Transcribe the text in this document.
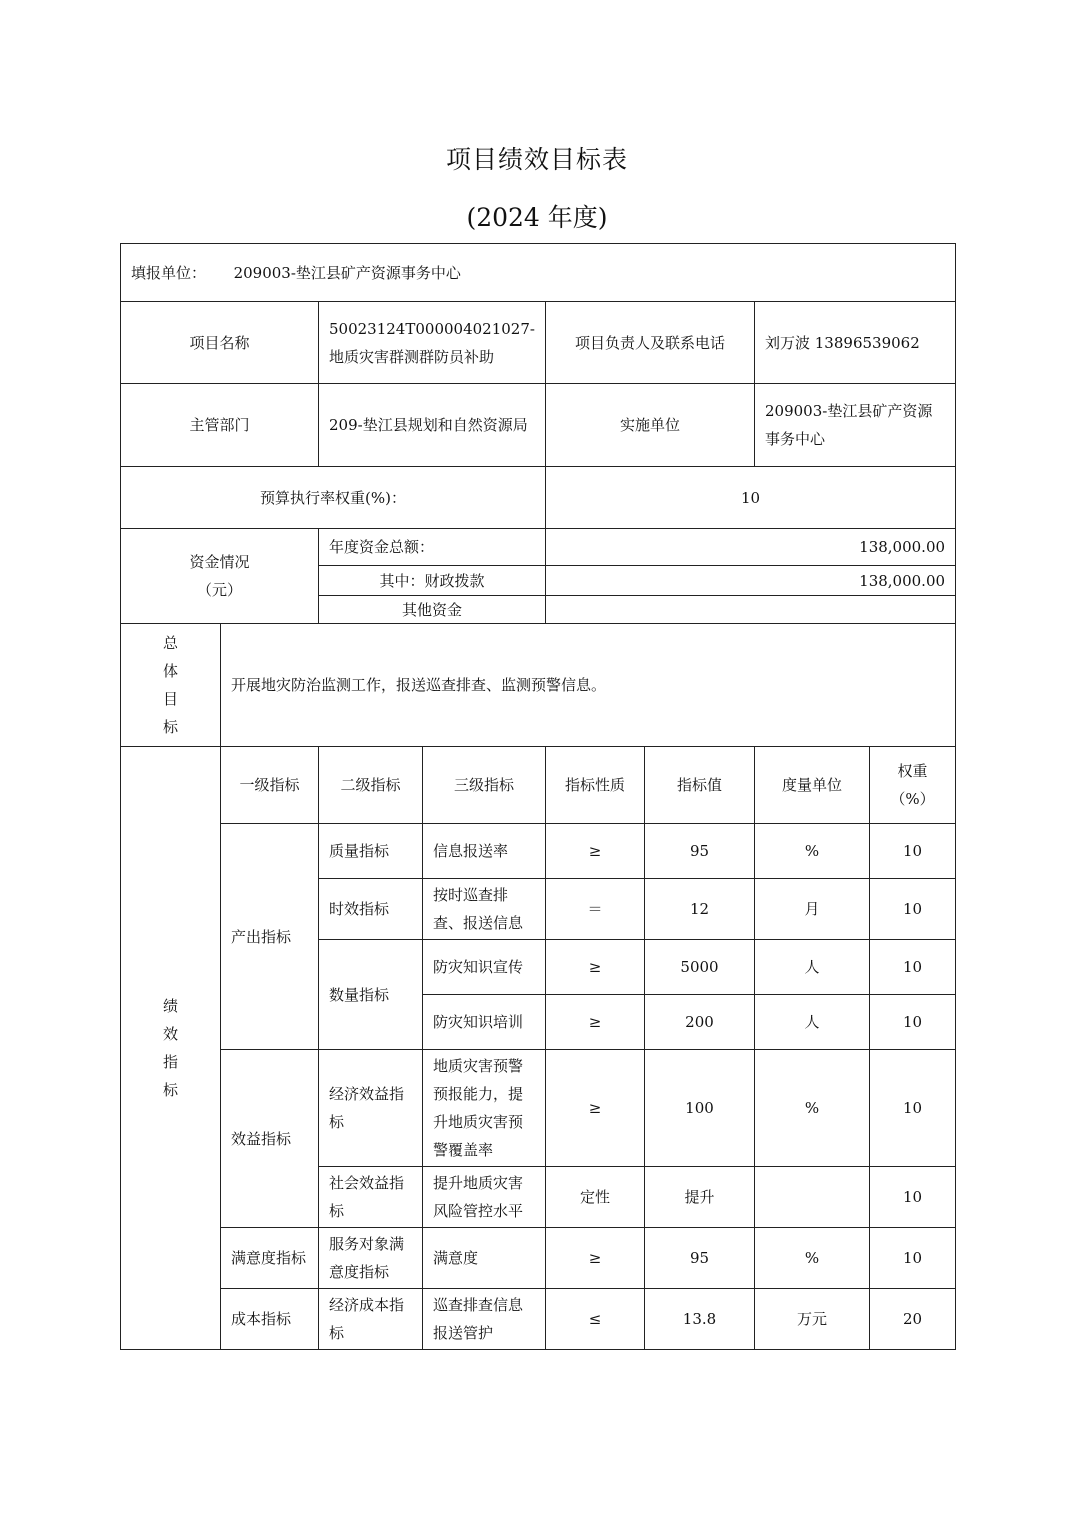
项目绩效目标表
(2024 年度)
填报单位： 209003-垫江县矿产资源事务中心							
项目名称		50023124T000004021027-地质灾害群测群防员补助		项目负责人及联系电话		刘万波 13896539062	
主管部门		209-垫江县规划和自然资源局		实施单位		209003-垫江县矿产资源事务中心	
预算执行率权重(%)：				10			

资金情况
（元）		年度资金总额：		138,000.00			
		其中：财政拨款		138,000.00			
		其他资金					

总
体
目
标	开展地灾防治监测工作，报送巡查排查、监测预警信息。						

绩
效
指
标	一级指标	二级指标	三级指标	指标性质	指标值	度量单位	权重（%）
	产出指标	质量指标	信息报送率	≥	95	%	10
		时效指标	按时巡查排查、报送信息	＝	12	月	10
		数量指标	防灾知识宣传	≥	5000	人	10
			防灾知识培训	≥	200	人	10
	效益指标	经济效益指标	地质灾害预警预报能力，提升地质灾害预警覆盖率	≥	100	%	10
		社会效益指标	提升地质灾害风险管控水平	定性	提升		10
	满意度指标	服务对象满意度指标	满意度	≥	95	%	10
	成本指标	经济成本指标	巡查排查信息报送管护	≤	13.8	万元	20
